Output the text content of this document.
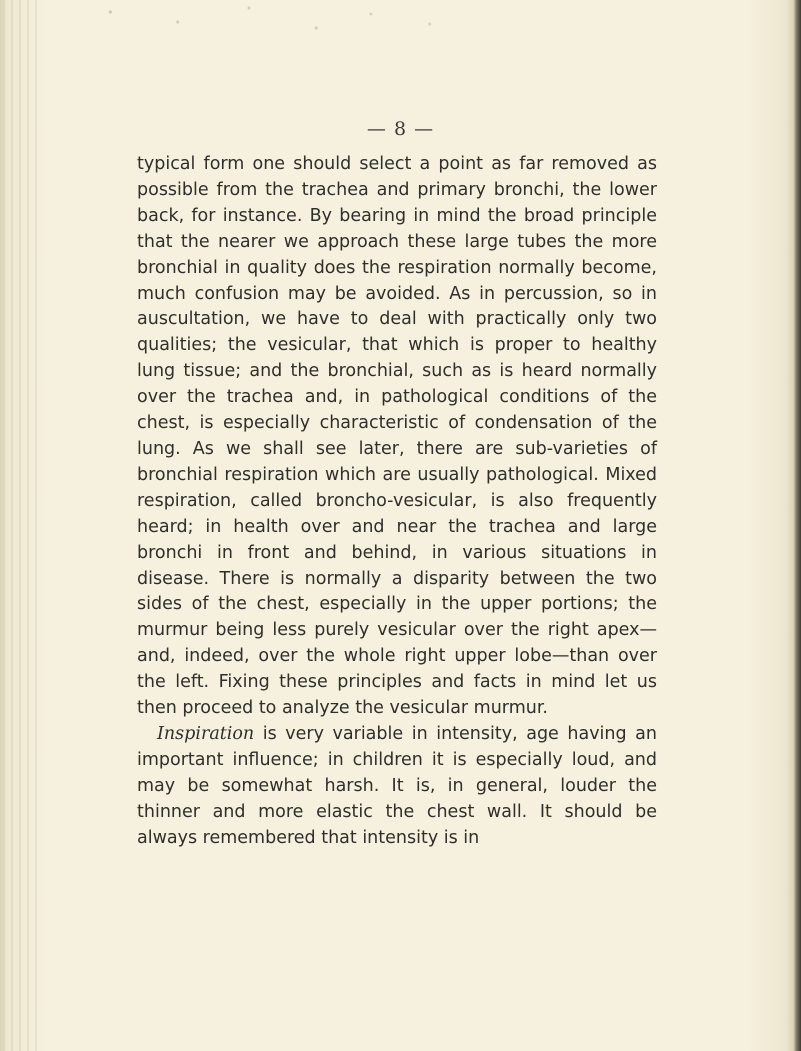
— 8 —

typical form one should select a point as far removed as possible from the trachea and primary bronchi, the lower back, for instance. By bearing in mind the broad principle that the nearer we approach these large tubes the more bronchial in quality does the respiration normally become, much confusion may be avoided. As in percussion, so in auscultation, we have to deal with practically only two qualities; the vesicular, that which is proper to healthy lung tissue; and the bronchial, such as is heard normally over the trachea and, in pathological conditions of the chest, is especially characteristic of condensation of the lung. As we shall see later, there are sub-varieties of bronchial respiration which are usually pathological. Mixed respiration, called broncho-vesicular, is also frequently heard; in health over and near the trachea and large bronchi in front and behind, in various situations in disease. There is normally a disparity between the two sides of the chest, especially in the upper portions; the murmur being less purely vesicular over the right apex—and, indeed, over the whole right upper lobe—than over the left. Fixing these principles and facts in mind let us then proceed to analyze the vesicular murmur.

Inspiration is very variable in intensity, age having an important influence; in children it is especially loud, and may be somewhat harsh. It is, in general, louder the thinner and more elastic the chest wall. It should be always remembered that intensity is in
